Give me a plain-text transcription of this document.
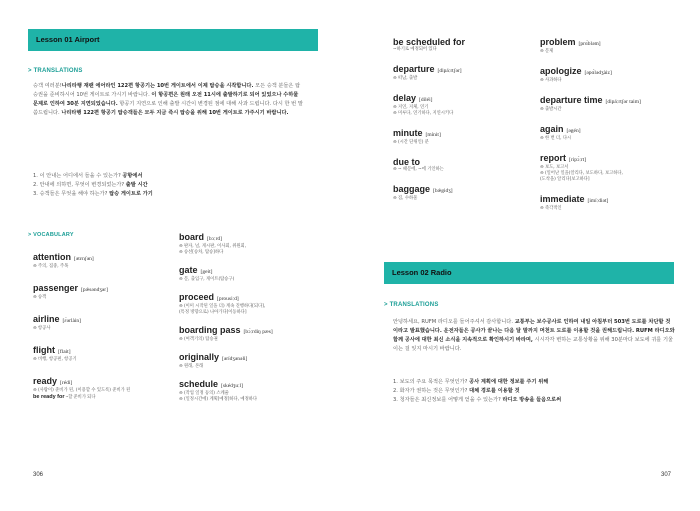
Lesson 01 Airport
> TRANSLATIONS
승객 여러분!나리타행 재팬 에어라인 122편 항공기는 10번 게이트에서 이제 탑승을 시작합니다. 모든 승객 분들은 탑승권을 준비하시어 10번 게이트로 가시기 바랍니다. 이 항공편은 원래 오전 11시에 출발하기로 되어 있었으나 수하물 문제로 인하여 30분 지연되었습니다. 항공기 지연으로 인해 출발 시간이 변경된 점에 대해 사과 드립니다. 다시 한 번 말씀드립니다. 나리타행 122편 항공기 탑승객들은 모두 지금 즉시 탑승을 위해 10번 게이트로 가주시기 바랍니다.
1. 이 안내는 어디에서 들을 수 있는가? 공항에서
2. 안내에 의하면, 무엇이 변경되었는가? 출발 시간
3. 승객들은 무엇을 해야 하는가? 탑승 게이트로 가기
> VOCABULARY
attention [ətɛnʃən]
⊜ 주의, 집중, 주목
passenger [pǽsəndʒər]
⊜ 승객
airline [ɛ́ərlàin]
⊜ 항공사
flight [flait]
⊜ 비행, 항공편, 항공기
ready [rédi]
⊜ (사람이) 준비가 된, (이용할 수 있도록) 준비가 된
be ready for ~할 준비가 되다
board [bɔːrd]
⊜ 판자, 널, 게시판, 이사회, 위원회,
⊜ 승선[승차, 탑승]하다
gate [geit]
⊜ 문, 출입구, 게이트(탑승구)
proceed [prousiːd]
⊜ (이미 시작된 일을 더) 계속 진행하다[되다],
(특정 방향으로) 나아가다[이동하다]
boarding pass [bɔ́ːrdiŋ pæs]
⊜ (여객기의) 탑승권
originally [ərídʒənəli]
⊜ 원래, 본래
schedule [skédʒuːl]
⊜ (작업 일정 등의) 스케줄
⊜ (일정시간에) 계획[예정]하다, 예정하다
306
be scheduled for
~하기로 예정되어 있다
departure [dipáːrtʃər]
⊜ 떠남, 출발
delay [diléi]
⊜ 지연, 지체, 연기
⊜ 미루다, 연기하다, 지연시키다
minute [mínit]
⊜ (시간 단위인) 분
due to
⊜ ~ 때문에, ~에 기인하는
baggage [bǽgidʒ]
⊜ 짐, 수하물
problem [prɑ́bləm]
⊜ 문제
apologize [əpɑ́lədʒàiz]
⊜ 사과하다
departure time [dipáːrtʃər taim]
⊜ 출발시간
again [əgén]
⊜ 한 번 더, 다시
report [ripɔ́ːrt]
⊜ 보도, 보고서
⊜ (일어난 일을)알리다, 보도하다, 보고하다,
(도착을) 알리다[보고하다]
immediate [imíːdiət]
⊜ 즉각적인
Lesson 02 Radio
> TRANSLATIONS
안녕하세요, RUFM 라디오를 들어주셔서 감사합니다. 교통부는 보수공사로 인하여 내일 아침부터 503번 도로를 차단할 것이라고 발표했습니다. 운전자들은 공사가 끝나는 다음 달 말까지 머천트 도로를 이용할 것을 권해드립니다. RUFM 라디오와 함께 공사에 대한 최신 소식을 지속적으로 확인하시기 바라며, 시시각각 변하는 교통상황을 위해 30분마다 보도에 귀를 기울이는 걸 잊지 마시기 바랍니다.
1. 보도의 주요 목적은 무엇인가? 공사 계획에 대한 정보를 주기 위해
2. 화자가 권하는 것은 무엇인가? 대체 경로를 이용할 것
3. 청자들은 최신정보를 어떻게 얻을 수 있는가? 라디오 방송을 들음으로써
307
